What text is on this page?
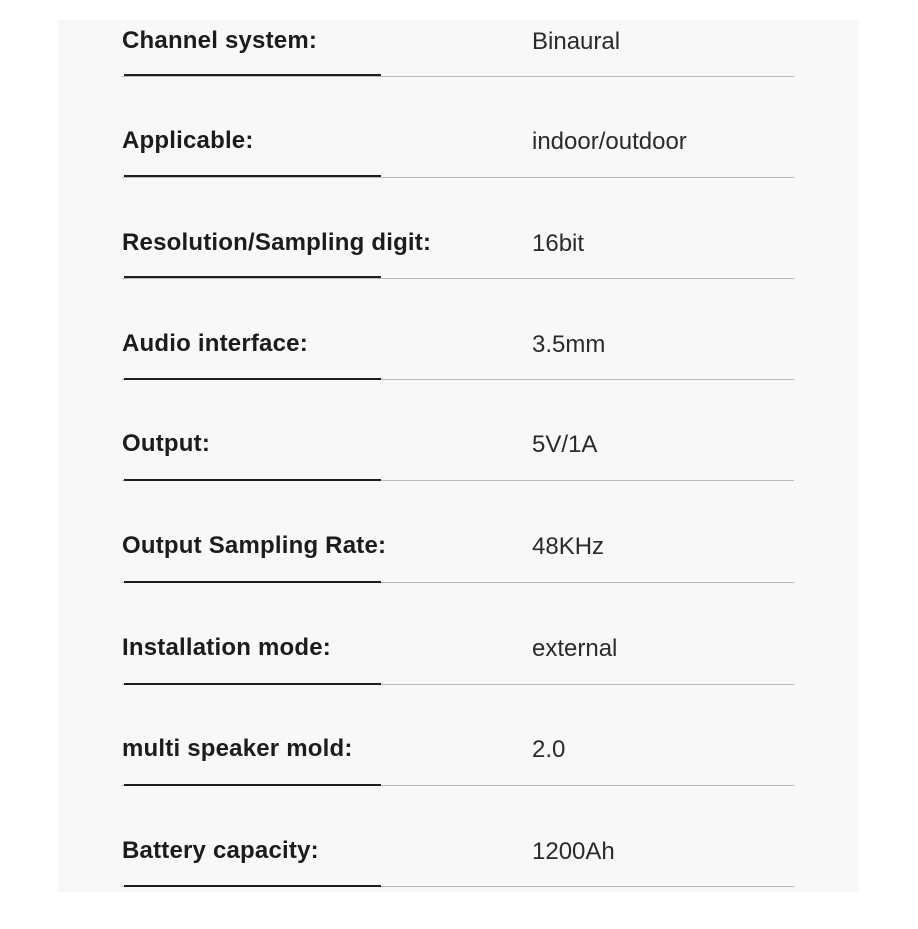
Channel system:	Binaural
Applicable:	indoor/outdoor
Resolution/Sampling digit:	16bit
Audio interface:	3.5mm
Output:	5V/1A
Output Sampling Rate:	48KHz
Installation mode:	external
multi speaker mold:	2.0
Battery capacity:	1200Ah
